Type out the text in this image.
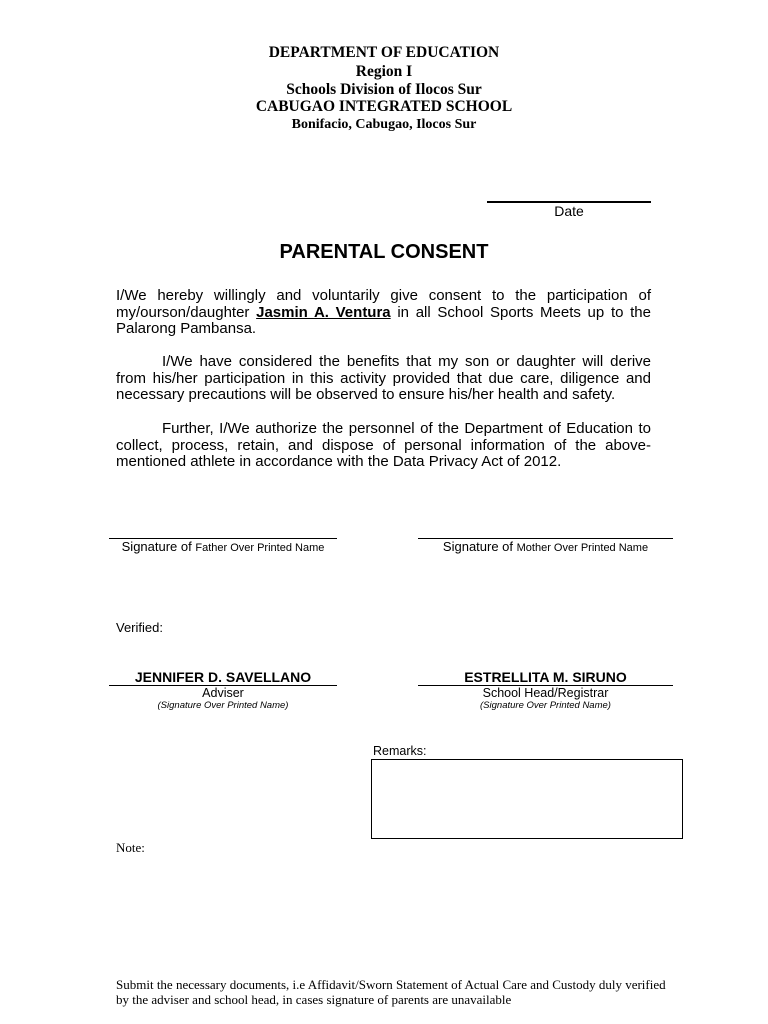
DEPARTMENT OF EDUCATION
Region I
Schools Division of Ilocos Sur
CABUGAO INTEGRATED SCHOOL
Bonifacio, Cabugao, Ilocos Sur
Date
PARENTAL CONSENT
I/We hereby willingly and voluntarily give consent to the participation of my/ourson/daughter Jasmin A. Ventura in all School Sports Meets up to the Palarong Pambansa.
I/We have considered the benefits that my son or daughter will derive from his/her participation in this activity provided that due care, diligence and necessary precautions will be observed to ensure his/her health and safety.
Further, I/We authorize the personnel of the Department of Education to collect, process, retain, and dispose of personal information of the above-mentioned athlete in accordance with the Data Privacy Act of 2012.
Signature of Father Over Printed Name	Signature of Mother Over Printed Name
Verified:
JENNIFER D. SAVELLANO
Adviser
(Signature Over Printed Name)
ESTRELLITA M. SIRUNO
School Head/Registrar
(Signature Over Printed Name)
Remarks:
Note:
Submit the necessary documents, i.e Affidavit/Sworn Statement of Actual Care and Custody duly verified by the adviser and school head, in cases signature of parents are unavailable
